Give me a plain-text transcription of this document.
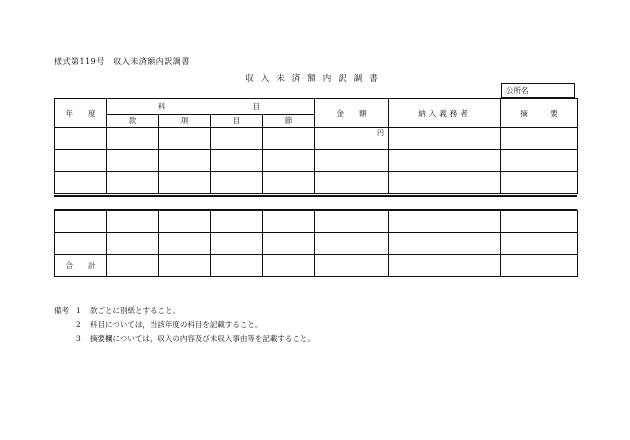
様式第119号　収入未済額内訳調書
収入未済額内訳調書
公所名
年　　度	科　　　　　　　　目				金　　額	納入義務者	摘　　　要
	款	項	目	節			
					円		

合　　計							
備考 1	款ごとに別紙とすること。
2	科目については，当該年度の科目を記載すること。
3	摘要欄については，収入の内容及び未収入事由等を記載すること。
